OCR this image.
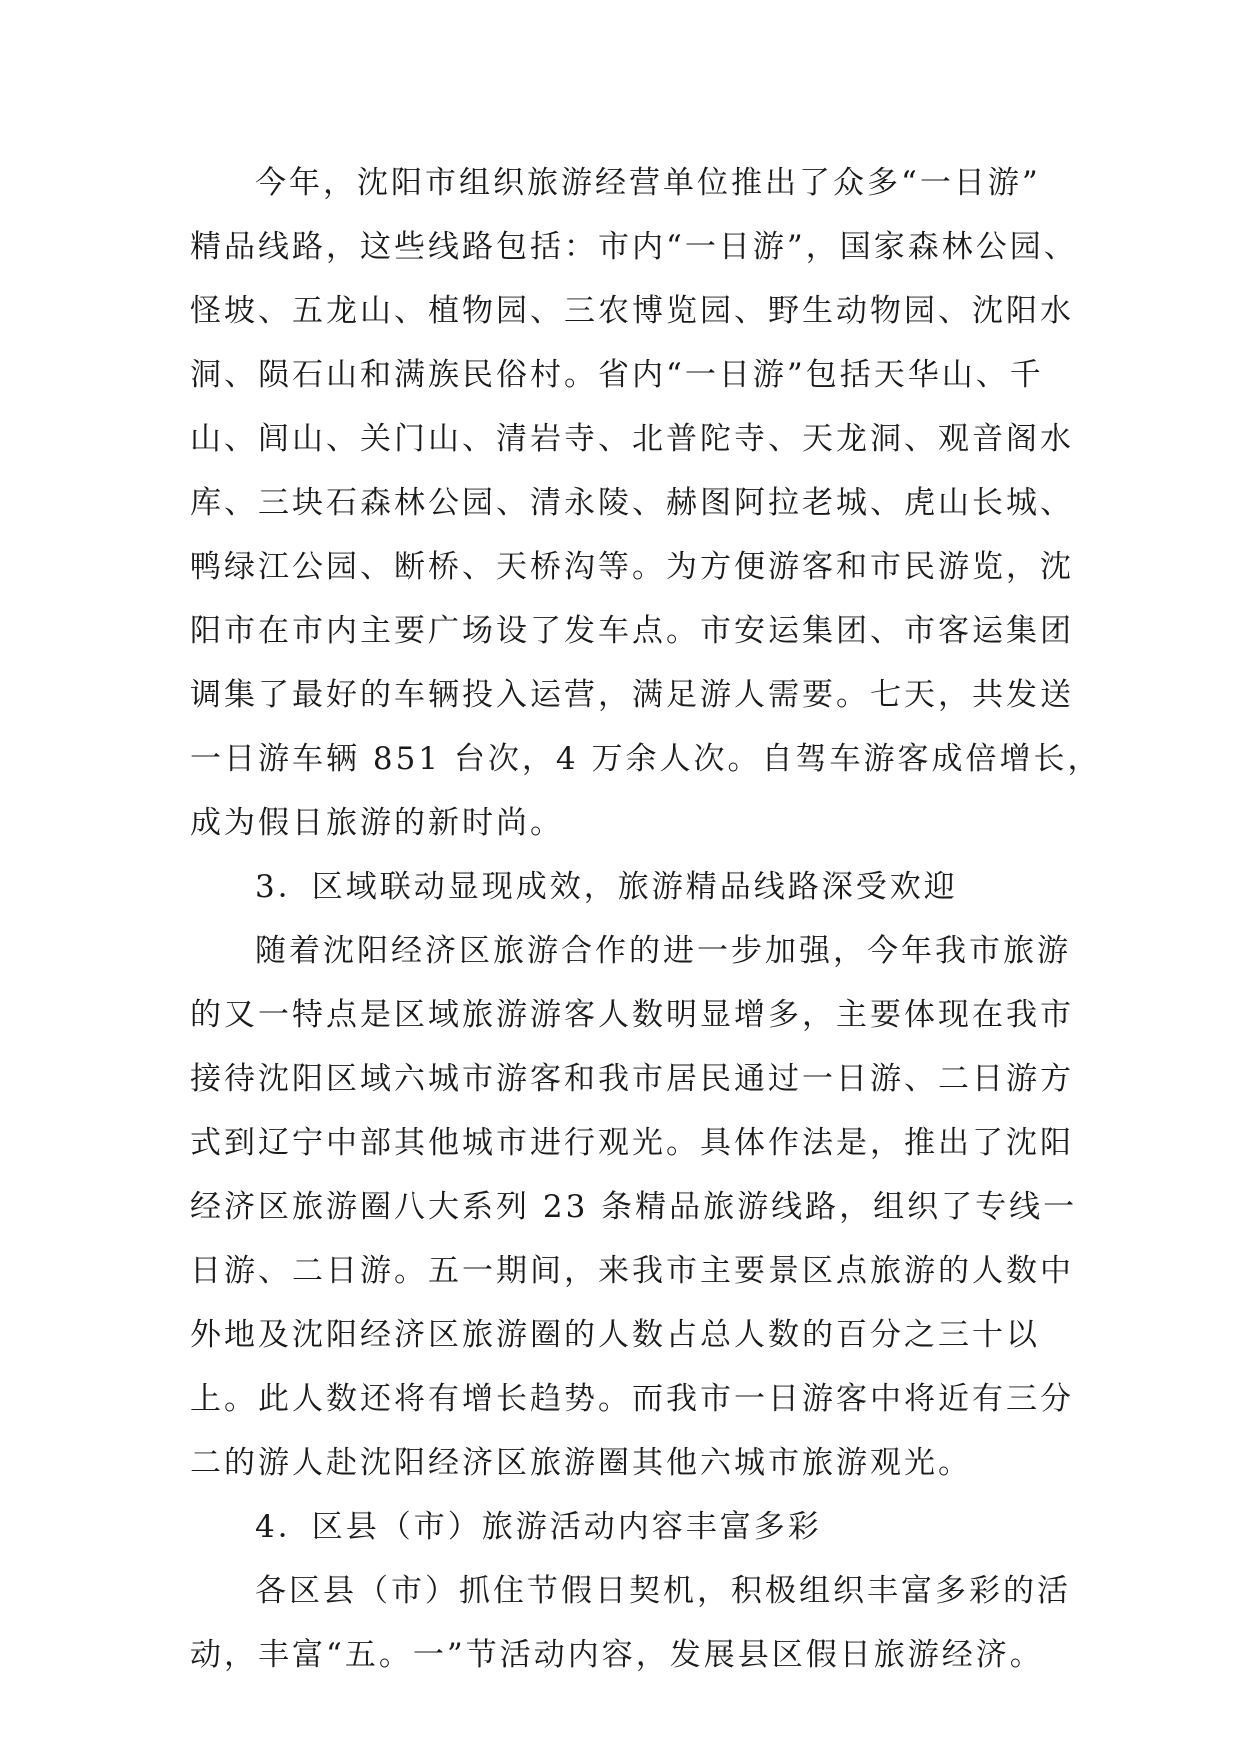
今年，沈阳市组织旅游经营单位推出了众多“一日游”
精品线路，这些线路包括：市内“一日游”，国家森林公园、
怪坡、五龙山、植物园、三农博览园、野生动物园、沈阳水
洞、陨石山和满族民俗村。省内“一日游”包括天华山、千
山、闾山、关门山、清岩寺、北普陀寺、天龙洞、观音阁水
库、三块石森林公园、清永陵、赫图阿拉老城、虎山长城、
鸭绿江公园、断桥、天桥沟等。为方便游客和市民游览，沈
阳市在市内主要广场设了发车点。市安运集团、市客运集团
调集了最好的车辆投入运营，满足游人需要。七天，共发送
一日游车辆 851 台次，4 万余人次。自驾车游客成倍增长，
成为假日旅游的新时尚。
3．区域联动显现成效，旅游精品线路深受欢迎
随着沈阳经济区旅游合作的进一步加强，今年我市旅游
的又一特点是区域旅游游客人数明显增多，主要体现在我市
接待沈阳区域六城市游客和我市居民通过一日游、二日游方
式到辽宁中部其他城市进行观光。具体作法是，推出了沈阳
经济区旅游圈八大系列 23 条精品旅游线路，组织了专线一
日游、二日游。五一期间，来我市主要景区点旅游的人数中
外地及沈阳经济区旅游圈的人数占总人数的百分之三十以
上。此人数还将有增长趋势。而我市一日游客中将近有三分
二的游人赴沈阳经济区旅游圈其他六城市旅游观光。
4．区县（市）旅游活动内容丰富多彩
各区县（市）抓住节假日契机，积极组织丰富多彩的活
动，丰富“五。一”节活动内容，发展县区假日旅游经济。
